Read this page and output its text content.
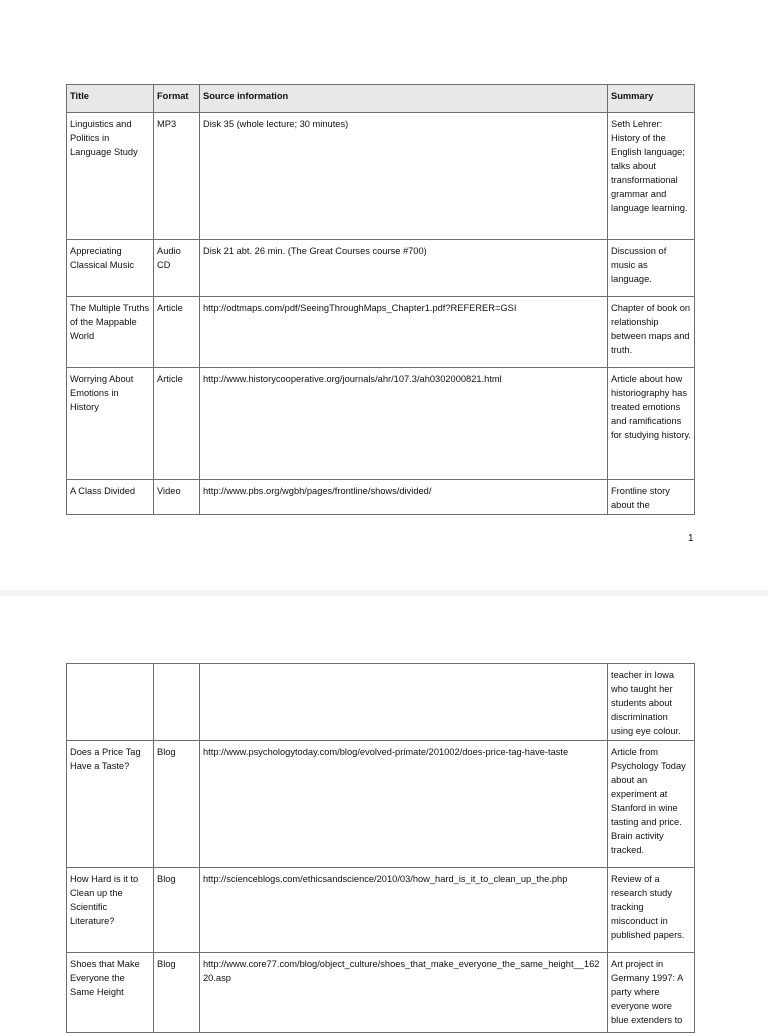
Title	Format	Source information	Summary
Linguistics and Politics in Language Study	MP3	Disk 35 (whole lecture; 30 minutes)	Seth Lehrer: History of the English language; talks about transformational grammar and language learning.
Appreciating Classical Music	Audio CD	Disk 21 abt. 26 min. (The Great Courses course #700)	Discussion of music as language.
The Multiple Truths of the Mappable World	Article	http://odtmaps.com/pdf/SeeingThroughMaps_Chapter1.pdf?REFERER=GSI	Chapter of book on relationship between maps and truth.
Worrying About Emotions in History	Article	http://www.historycooperative.org/journals/ahr/107.3/ah0302000821.html	Article about how historiography has treated emotions and ramifications for studying history.
A Class Divided	Video	http://www.pbs.org/wgbh/pages/frontline/shows/divided/	Frontline story about the
1
			teacher in Iowa who taught her students about discrimination using eye colour.
Does a Price Tag Have a Taste?	Blog	http://www.psychologytoday.com/blog/evolved-primate/201002/does-price-tag-have-taste	Article from Psychology Today about an experiment at Stanford in wine tasting and price. Brain activity tracked.
How Hard is it to Clean up the Scientific Literature?	Blog	http://scienceblogs.com/ethicsandscience/2010/03/how_hard_is_it_to_clean_up_the.php	Review of a research study tracking misconduct in published papers.
Shoes that Make Everyone the Same Height	Blog	http://www.core77.com/blog/object_culture/shoes_that_make_everyone_the_same_height__16220.asp	Art project in Germany 1997: A party where everyone wore blue extenders to
